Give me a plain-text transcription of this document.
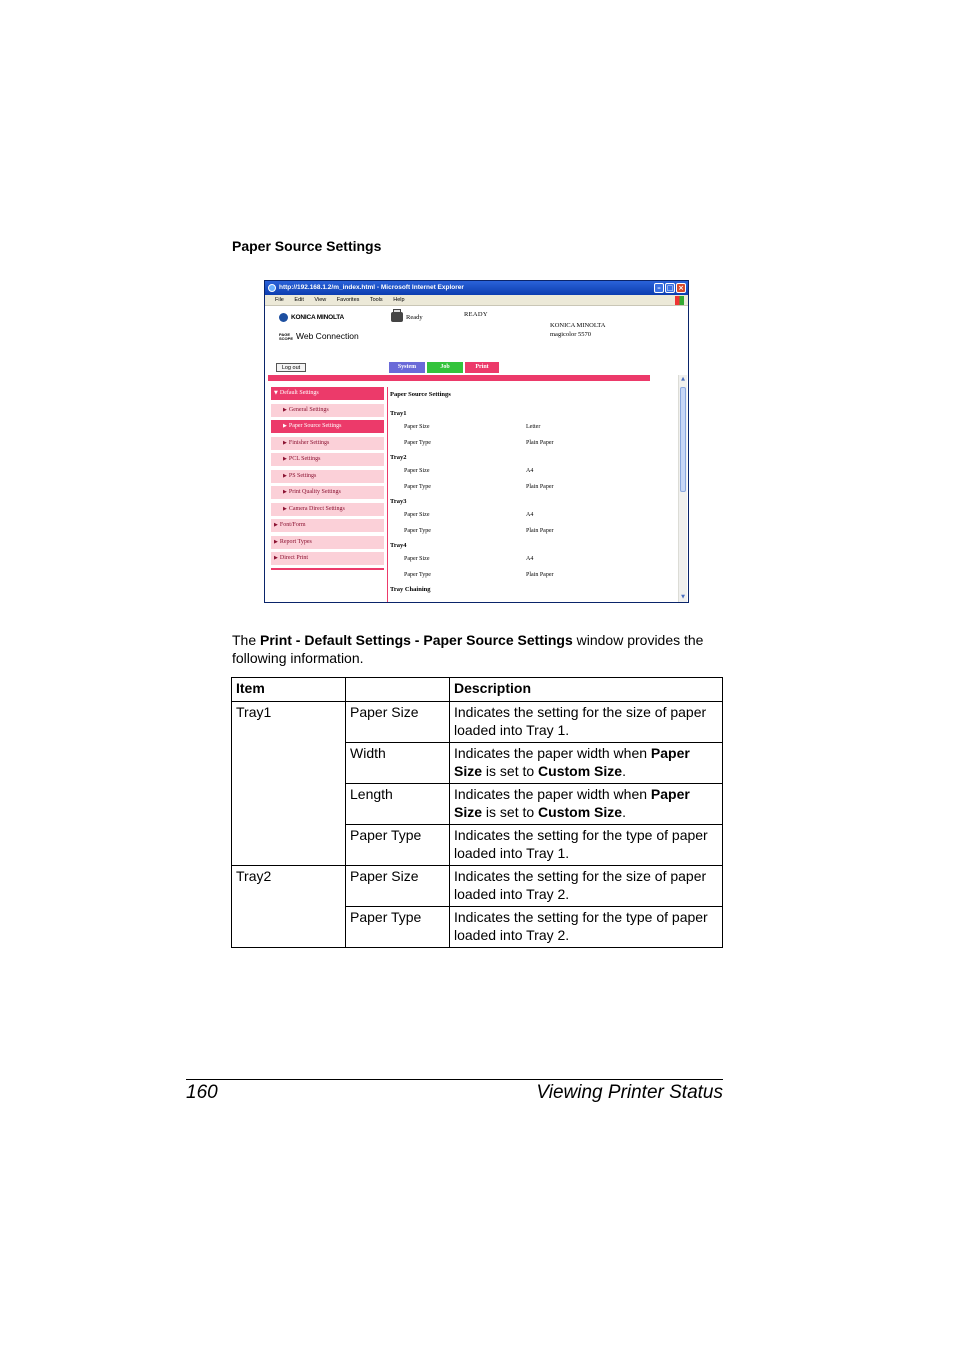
Paper Source Settings
http://192.168.1.2/m_index.html - Microsoft Internet Explorer	– □ ×
File Edit View Favorites Tools Help
KONICA MINOLTA
PAGE SCOPE Web Connection
Ready	READY
KONICA MINOLTA
magicolor 5570
Log out	System	Job	Print
▼ Default Settings
▶ General Settings
▶ Paper Source Settings
▶ Finisher Settings
▶ PCL Settings
▶ PS Settings
▶ Print Quality Settings
▶ Camera Direct Settings
▶ Font/Form
▶ Report Types
▶ Direct Print
Paper Source Settings
Tray1
Paper Size	Letter
Paper Type	Plain Paper
Tray2
Paper Size	A4
Paper Type	Plain Paper
Tray3
Paper Size	A4
Paper Type	Plain Paper
Tray4
Paper Size	A4
Paper Type	Plain Paper
Tray Chaining
▲
▼
The Print - Default Settings - Paper Source Settings window provides the following information.
Item		Description
Tray1	Paper Size	Indicates the setting for the size of paper loaded into Tray 1.
	Width	Indicates the paper width when Paper Size is set to Custom Size.
	Length	Indicates the paper width when Paper Size is set to Custom Size.
	Paper Type	Indicates the setting for the type of paper loaded into Tray 1.
Tray2	Paper Size	Indicates the setting for the size of paper loaded into Tray 2.
	Paper Type	Indicates the setting for the type of paper loaded into Tray 2.
160	Viewing Printer Status
